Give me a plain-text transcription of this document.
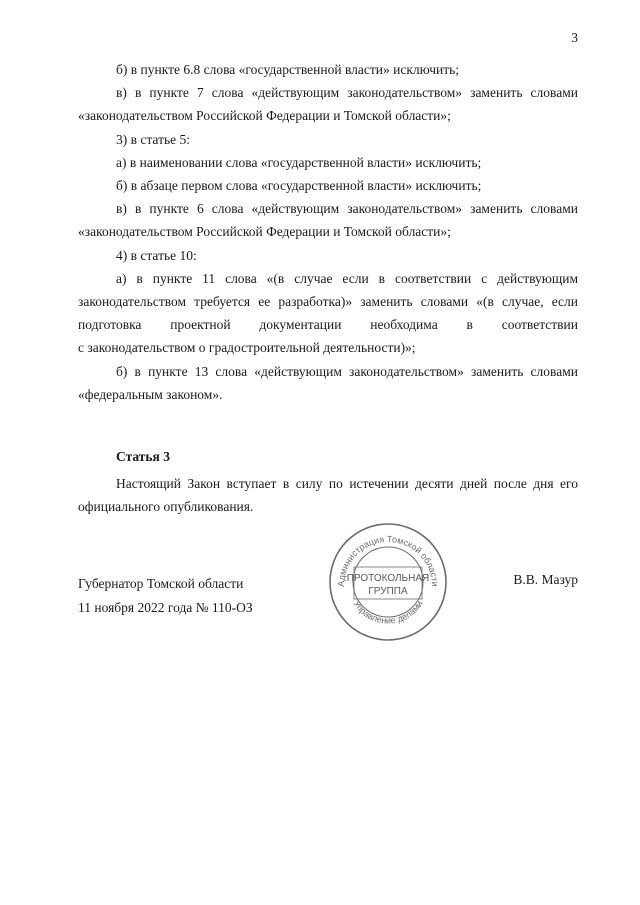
3

б) в пункте 6.8 слова «государственной власти» исключить;

в) в пункте 7 слова «действующим законодательством» заменить словами
«законодательством Российской Федерации и Томской области»;

3) в статье 5:

а) в наименовании слова «государственной власти» исключить;

б) в абзаце первом слова «государственной власти» исключить;

в) в пункте 6 слова «действующим законодательством» заменить словами
«законодательством Российской Федерации и Томской области»;

4) в статье 10:

а) в пункте 11 слова «(в случае если в соответствии с действующим
законодательством требуется ее разработка)» заменить словами «(в случае, если
подготовка проектной документации необходима в соответствии
с законодательством о градостроительной деятельности)»;

б) в пункте 13 слова «действующим законодательством» заменить словами
«федеральным законом».

Статья 3
Настоящий Закон вступает в силу по истечении десяти дней после дня его
официального опубликования.
Губернатор Томской области
11 ноября 2022 года № 110-ОЗ
В.В. Мазур
Администрация Томской области
Управление делами
ПРОТОКОЛЬНАЯ
ГРУППА
